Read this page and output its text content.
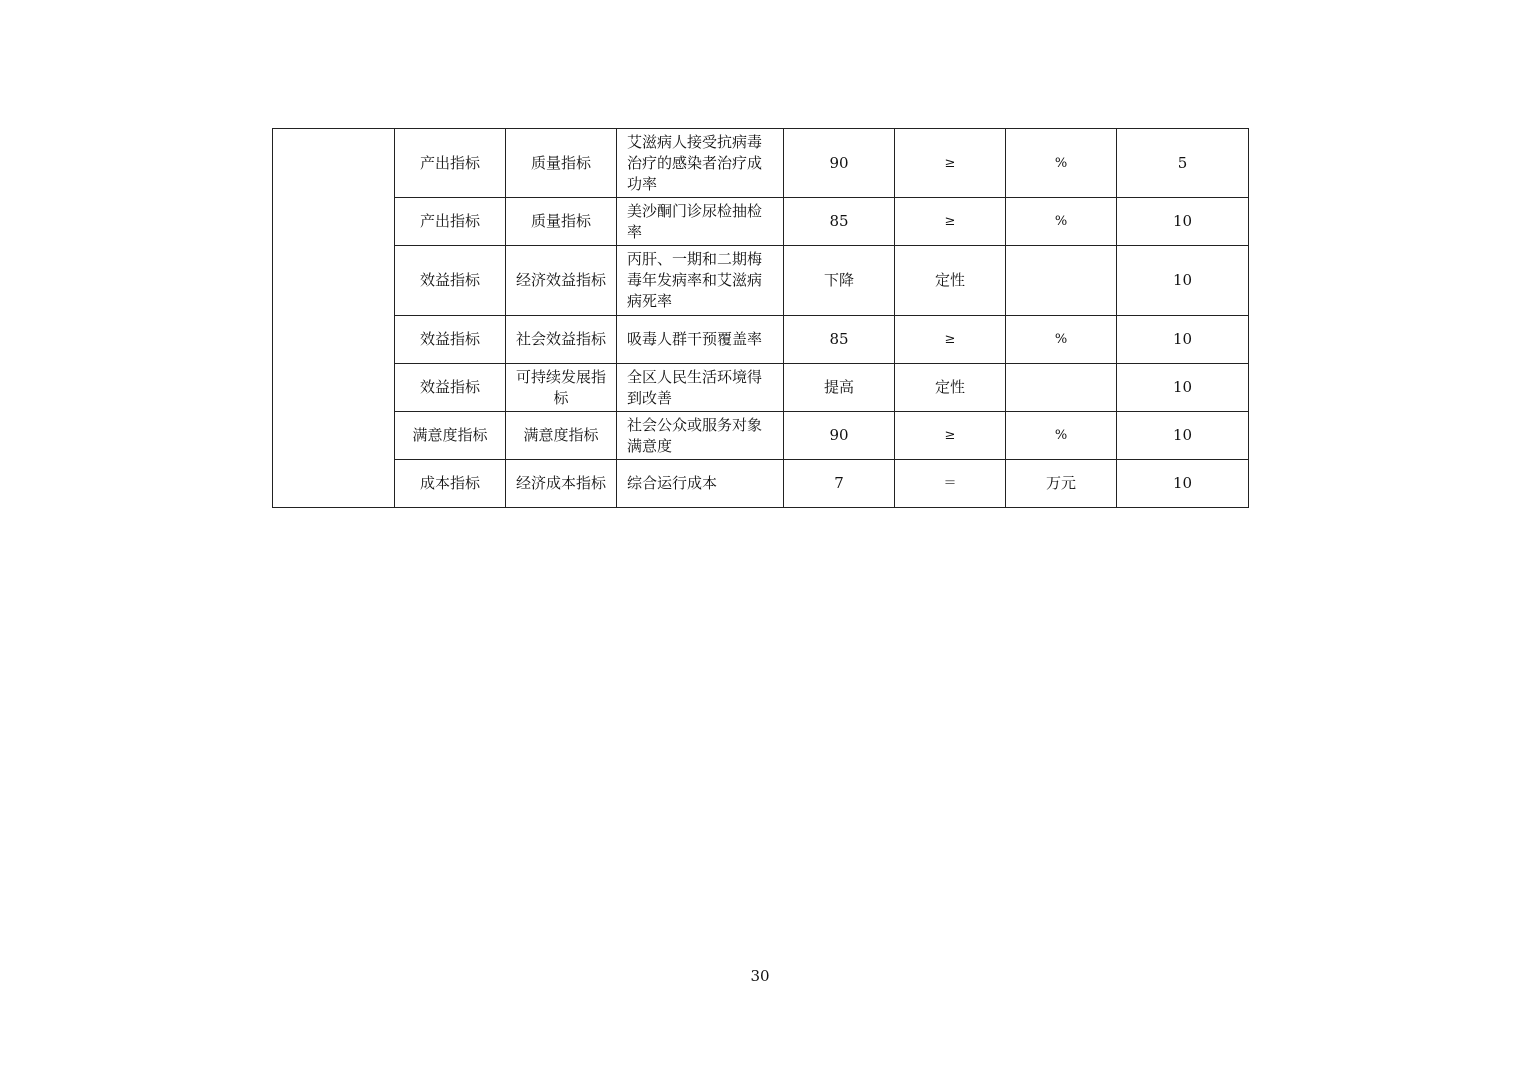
	产出指标	质量指标	艾滋病人接受抗病毒治疗的感染者治疗成功率	90	≥	%	5
	产出指标	质量指标	美沙酮门诊尿检抽检率	85	≥	%	10
	效益指标	经济效益指标	丙肝、一期和二期梅毒年发病率和艾滋病病死率	下降	定性		10
	效益指标	社会效益指标	吸毒人群干预覆盖率	85	≥	%	10
	效益指标	可持续发展指标	全区人民生活环境得到改善	提高	定性		10
	满意度指标	满意度指标	社会公众或服务对象满意度	90	≥	%	10
	成本指标	经济成本指标	综合运行成本	7	＝	万元	10
30
